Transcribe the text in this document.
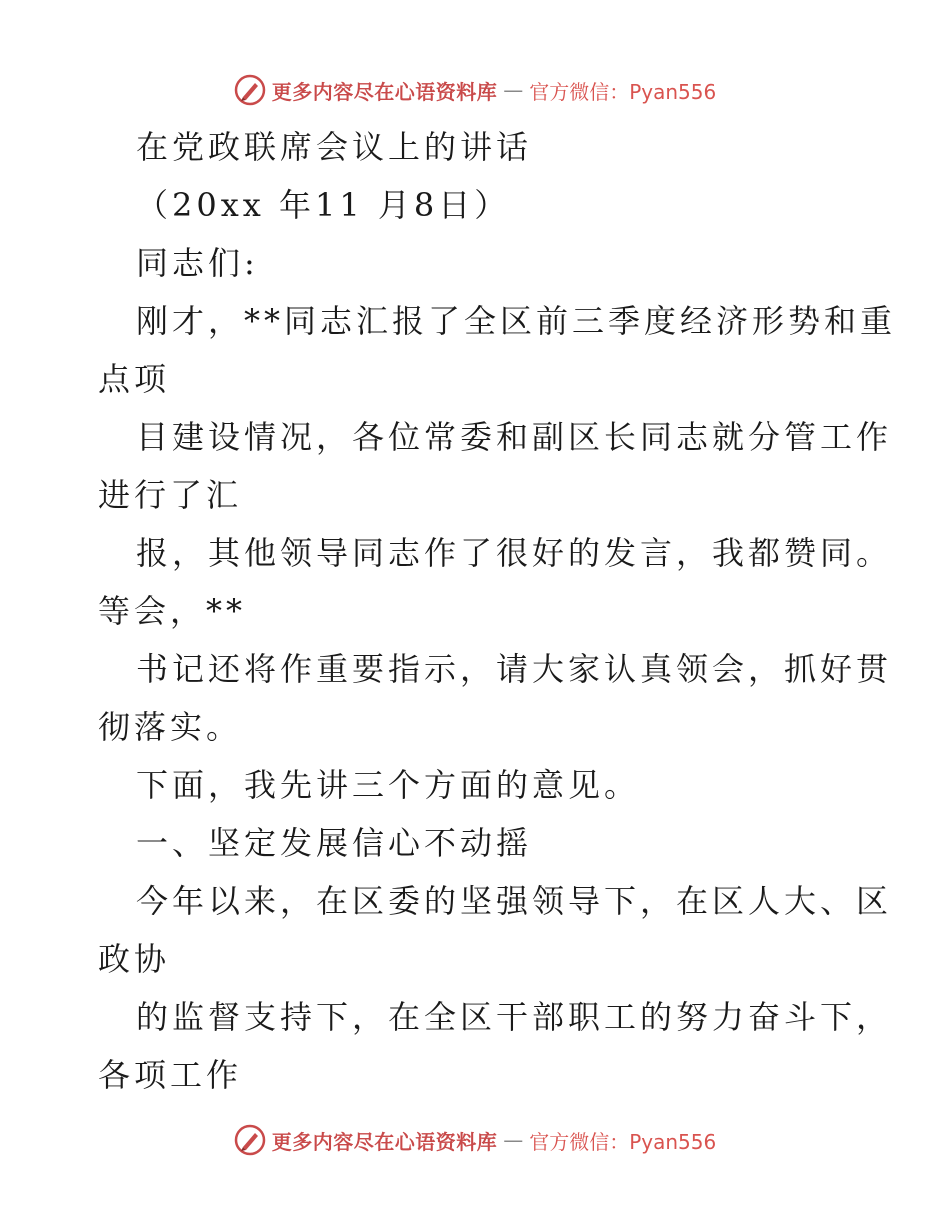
更多内容尽在心语资料库 — 官方微信：Pyan556
在党政联席会议上的讲话
（20xx 年11 月8日）
同志们:
刚才，**同志汇报了全区前三季度经济形势和重
点项
目建设情况，各位常委和副区长同志就分管工作
进行了汇
报，其他领导同志作了很好的发言，我都赞同。
等会，**
书记还将作重要指示，请大家认真领会，抓好贯
彻落实。
下面，我先讲三个方面的意见。
一、坚定发展信心不动摇
今年以来，在区委的坚强领导下，在区人大、区
政协
的监督支持下，在全区干部职工的努力奋斗下，
各项工作
更多内容尽在心语资料库 — 官方微信：Pyan556
